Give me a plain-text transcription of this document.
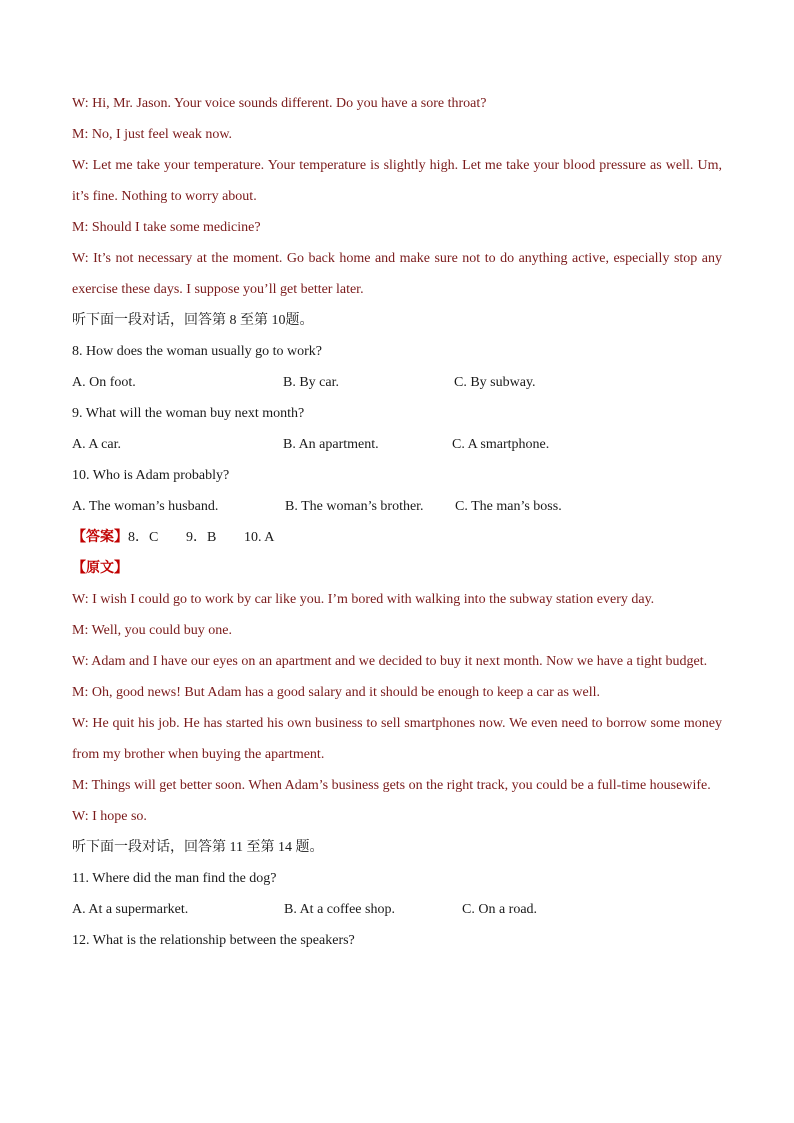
W: Hi, Mr. Jason. Your voice sounds different. Do you have a sore throat?

M: No, I just feel weak now.

W: Let me take your temperature. Your temperature is slightly high. Let me take your blood pressure as well. Um, it’s fine. Nothing to worry about.

M: Should I take some medicine?

W: It’s not necessary at the moment. Go back home and make sure not to do anything active, especially stop any exercise these days. I suppose you’ll get better later.

听下面一段对话，回答第 8 至第 10题。

8. How does the woman usually go to work?

A. On foot.	B. By car.	C. By subway.

9. What will the woman buy next month?

A. A car.	B. An apartment.	C. A smartphone.

10. Who is Adam probably?

A. The woman’s husband.	B. The woman’s brother. C. The man’s boss.

【答案】8．C 9．B 10. A

【原文】

W: I wish I could go to work by car like you. I’m bored with walking into the subway station every day.

M: Well, you could buy one.

W: Adam and I have our eyes on an apartment and we decided to buy it next month. Now we have a tight budget.

M: Oh, good news! But Adam has a good salary and it should be enough to keep a car as well.

W: He quit his job. He has started his own business to sell smartphones now. We even need to borrow some money from my brother when buying the apartment.

M: Things will get better soon. When Adam’s business gets on the right track, you could be a full-time housewife.

W: I hope so.

听下面一段对话，回答第 11 至第 14 题。

11. Where did the man find the dog?

A. At a supermarket.	B. At a coffee shop.	C. On a road.

12. What is the relationship between the speakers?
